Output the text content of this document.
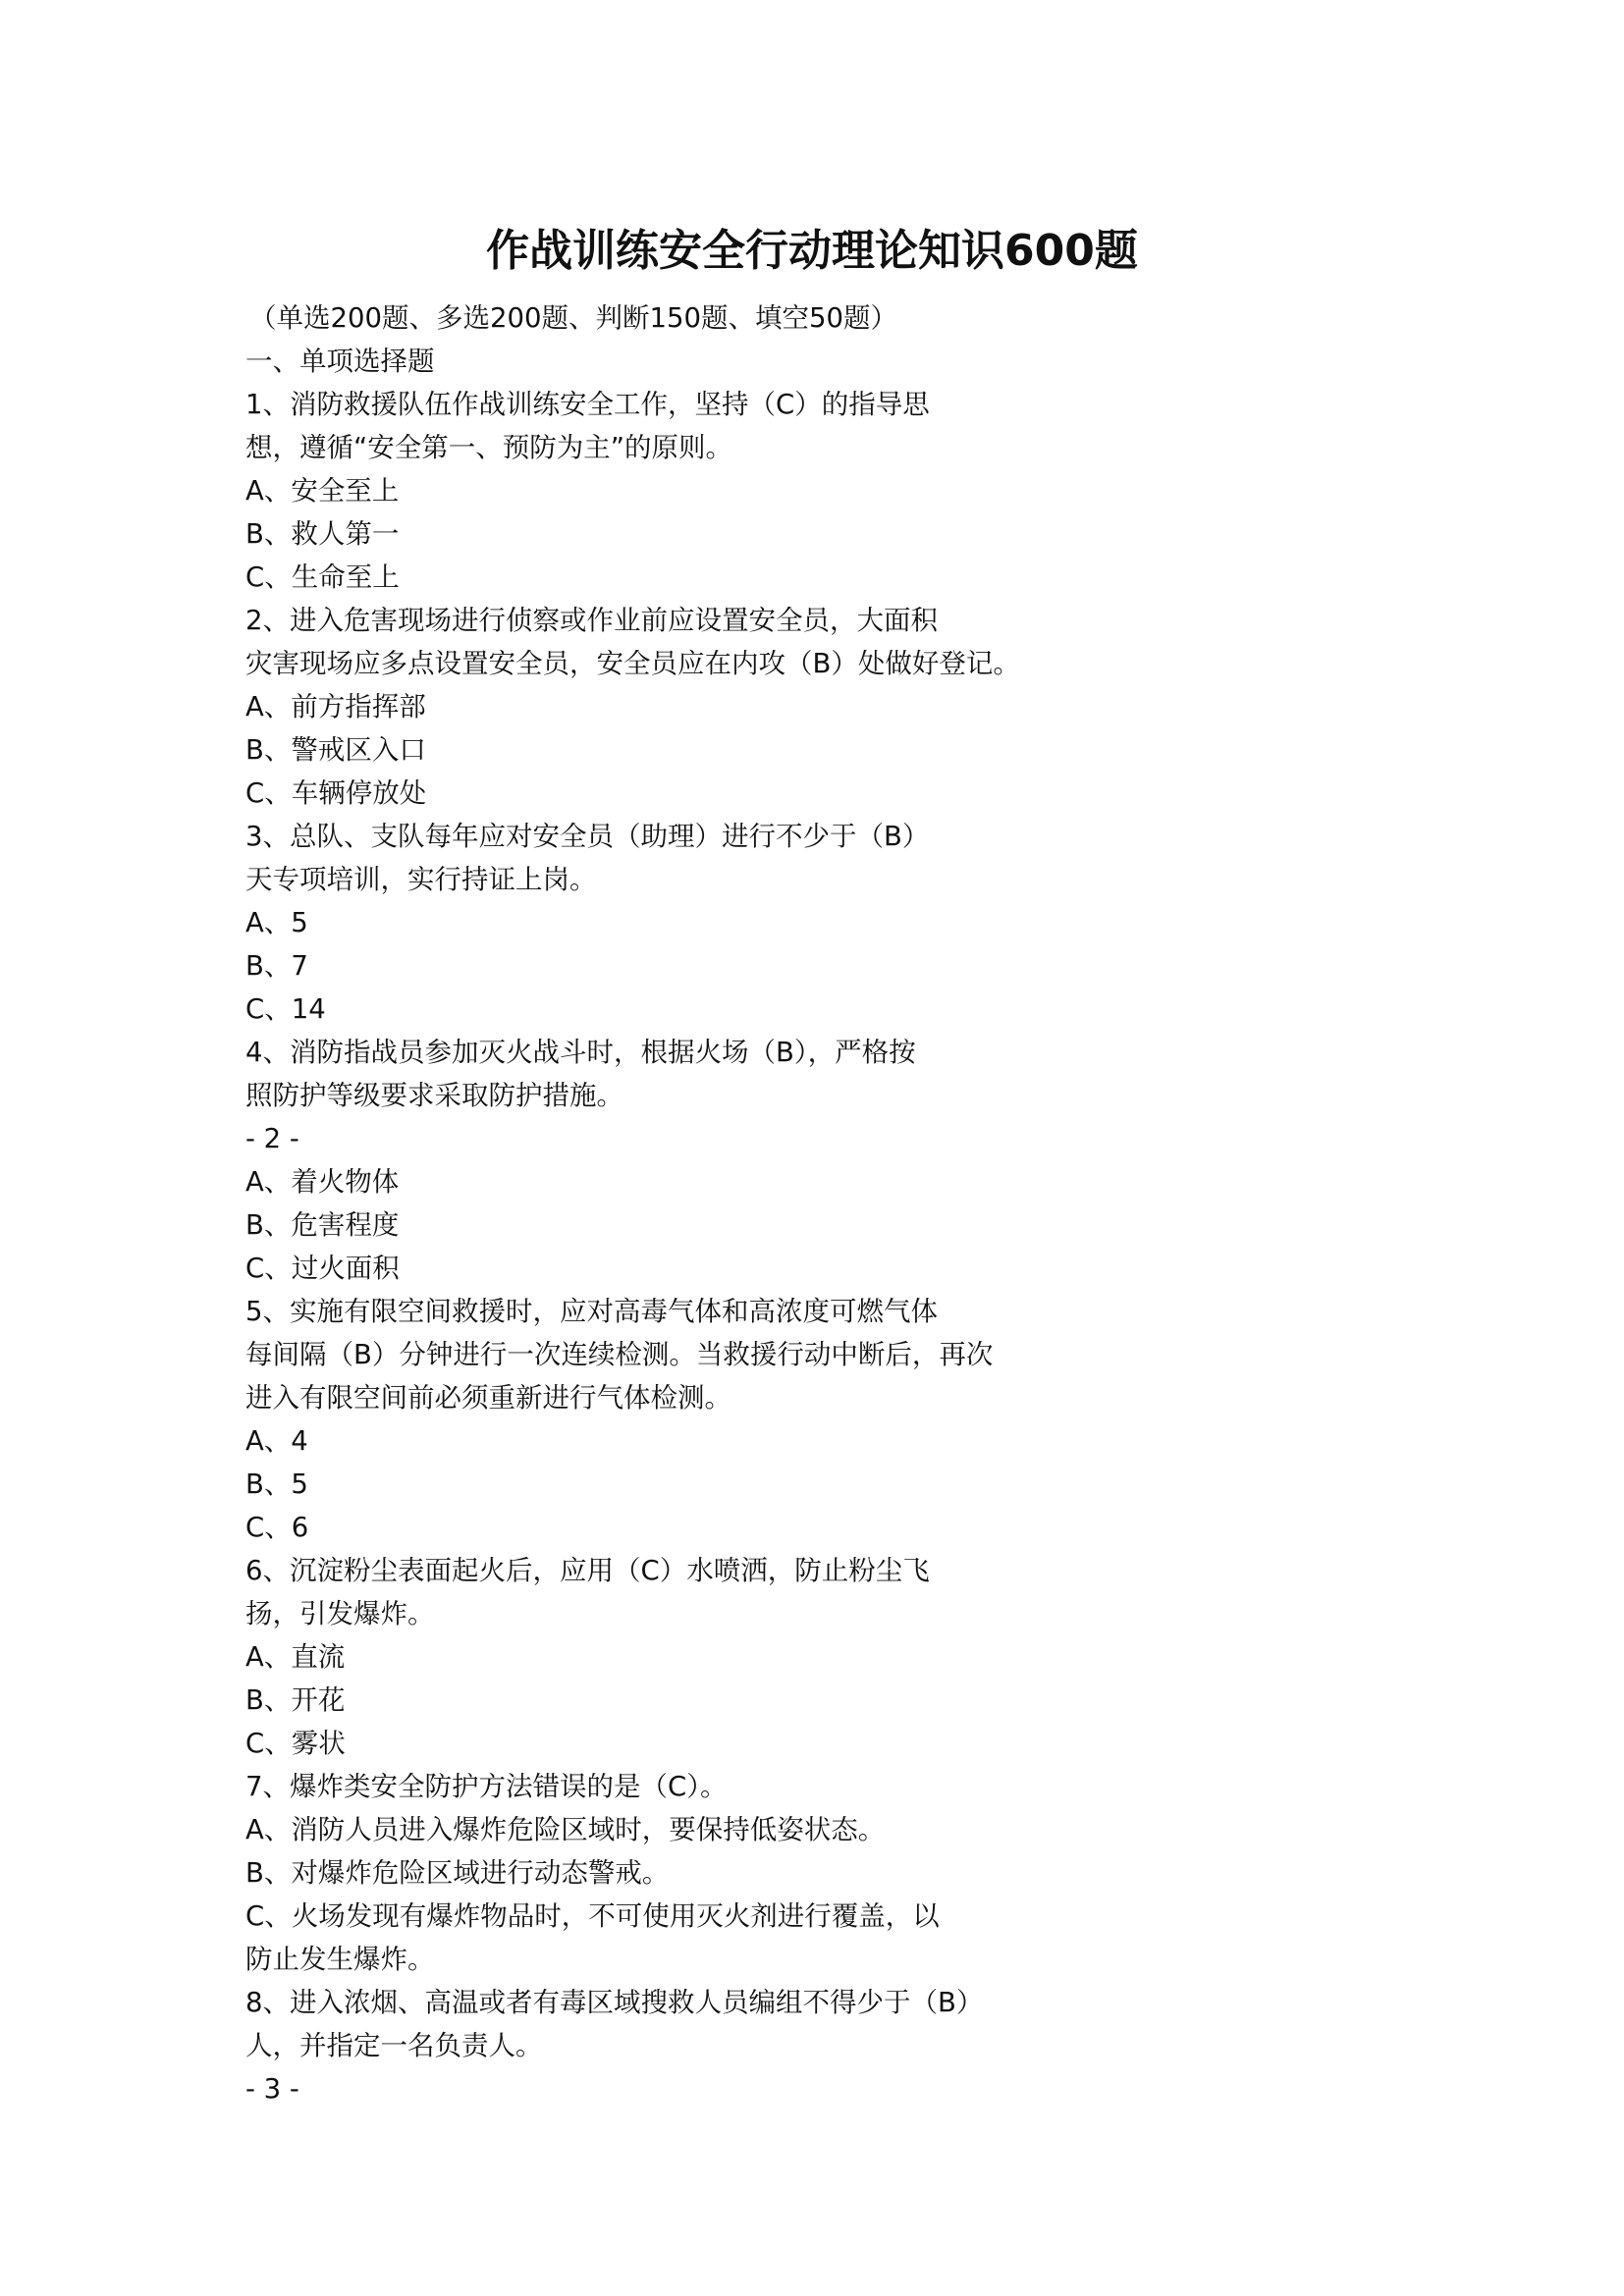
作战训练安全行动理论知识600题
（单选200题、多选200题、判断150题、填空50题）
一、单项选择题
1、消防救援队伍作战训练安全工作，坚持（C）的指导思
想，遵循“安全第一、预防为主”的原则。
A、安全至上
B、救人第一
C、生命至上
2、进入危害现场进行侦察或作业前应设置安全员，大面积
灾害现场应多点设置安全员，安全员应在内攻（B）处做好登记。
A、前方指挥部
B、警戒区入口
C、车辆停放处
3、总队、支队每年应对安全员（助理）进行不少于（B）
天专项培训，实行持证上岗。
A、5
B、7
C、14
4、消防指战员参加灭火战斗时，根据火场（B），严格按
照防护等级要求采取防护措施。
- 2 -
A、着火物体
B、危害程度
C、过火面积
5、实施有限空间救援时，应对高毒气体和高浓度可燃气体
每间隔（B）分钟进行一次连续检测。当救援行动中断后，再次
进入有限空间前必须重新进行气体检测。
A、4
B、5
C、6
6、沉淀粉尘表面起火后，应用（C）水喷洒，防止粉尘飞
扬，引发爆炸。
A、直流
B、开花
C、雾状
7、爆炸类安全防护方法错误的是（C）。
A、消防人员进入爆炸危险区域时，要保持低姿状态。
B、对爆炸危险区域进行动态警戒。
C、火场发现有爆炸物品时，不可使用灭火剂进行覆盖，以
防止发生爆炸。
8、进入浓烟、高温或者有毒区域搜救人员编组不得少于（B）
人，并指定一名负责人。
- 3 -
